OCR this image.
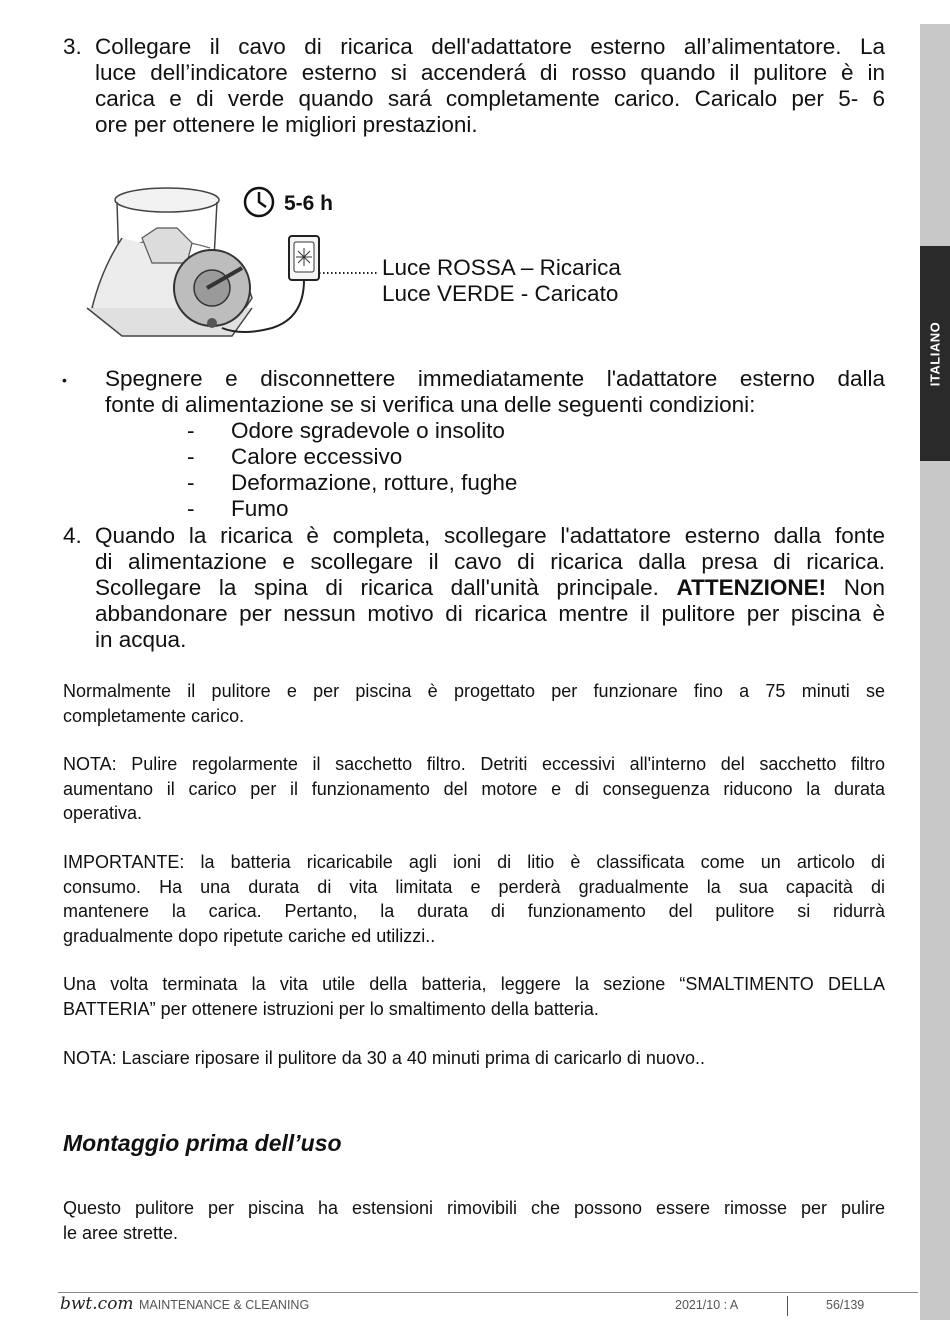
ITALIANO
3. Collegare il cavo di ricarica dell'adattatore esterno all’alimentatore. La
luce dell’indicatore esterno si accenderá di rosso quando il pulitore è in
carica e di verde quando sará completamente carico. Caricalo per 5- 6
ore per ottenere le migliori prestazioni.
5-6 h
Luce ROSSA – Ricarica
Luce VERDE - Caricato
• Spegnere e disconnettere immediatamente l'adattatore esterno dalla
fonte di alimentazione se si verifica una delle seguenti condizioni:
- Odore sgradevole o insolito
- Calore eccessivo
- Deformazione, rotture, fughe
- Fumo
4. Quando la ricarica è completa, scollegare l'adattatore esterno dalla fonte
di alimentazione e scollegare il cavo di ricarica dalla presa di ricarica.
Scollegare la spina di ricarica dall'unità principale. ATTENZIONE! Non
abbandonare per nessun motivo di ricarica mentre il pulitore per piscina è
in acqua.
Normalmente il pulitore e per piscina è progettato per funzionare fino a 75 minuti se
completamente carico.
NOTA: Pulire regolarmente il sacchetto filtro. Detriti eccessivi all'interno del sacchetto filtro
aumentano il carico per il funzionamento del motore e di conseguenza riducono la durata
operativa.
IMPORTANTE: la batteria ricaricabile agli ioni di litio è classificata come un articolo di
consumo. Ha una durata di vita limitata e perderà gradualmente la sua capacità di
mantenere la carica. Pertanto, la durata di funzionamento del pulitore si ridurrà
gradualmente dopo ripetute cariche ed utilizzi..
Una volta terminata la vita utile della batteria, leggere la sezione “SMALTIMENTO DELLA
BATTERIA” per ottenere istruzioni per lo smaltimento della batteria.
NOTA: Lasciare riposare il pulitore da 30 a 40 minuti prima di caricarlo di nuovo..
Montaggio prima dell’uso
Questo pulitore per piscina ha estensioni rimovibili che possono essere rimosse per pulire
le aree strette.
bwt.com MAINTENANCE & CLEANING	2021/10 : A	56/139
